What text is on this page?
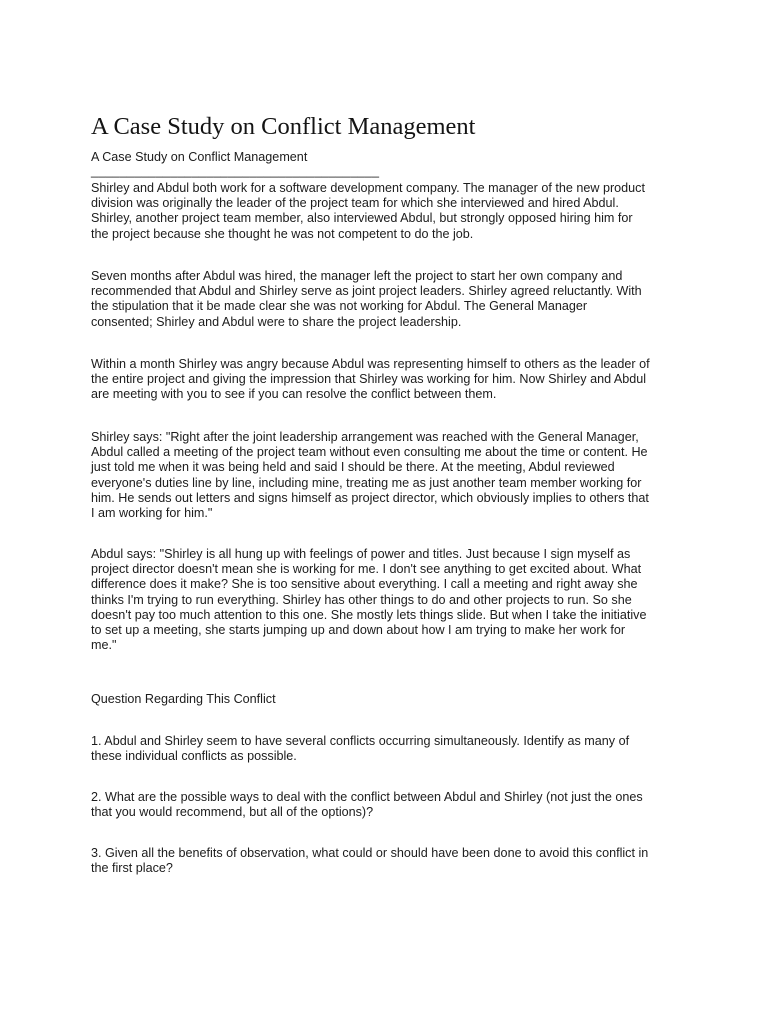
A Case Study on Conflict Management

A Case Study on Conflict Management

________________________________________

Shirley and Abdul both work for a software development company. The manager of the new product
division was originally the leader of the project team for which she interviewed and hired Abdul.
Shirley, another project team member, also interviewed Abdul, but strongly opposed hiring him for
the project because she thought he was not competent to do the job.

Seven months after Abdul was hired, the manager left the project to start her own company and
recommended that Abdul and Shirley serve as joint project leaders. Shirley agreed reluctantly. With
the stipulation that it be made clear she was not working for Abdul. The General Manager
consented; Shirley and Abdul were to share the project leadership.

Within a month Shirley was angry because Abdul was representing himself to others as the leader of
the entire project and giving the impression that Shirley was working for him. Now Shirley and Abdul
are meeting with you to see if you can resolve the conflict between them.

Shirley says: "Right after the joint leadership arrangement was reached with the General Manager,
Abdul called a meeting of the project team without even consulting me about the time or content. He
just told me when it was being held and said I should be there. At the meeting, Abdul reviewed
everyone's duties line by line, including mine, treating me as just another team member working for
him. He sends out letters and signs himself as project director, which obviously implies to others that
I am working for him."

Abdul says: "Shirley is all hung up with feelings of power and titles. Just because I sign myself as
project director doesn't mean she is working for me. I don't see anything to get excited about. What
difference does it make? She is too sensitive about everything. I call a meeting and right away she
thinks I'm trying to run everything. Shirley has other things to do and other projects to run. So she
doesn't pay too much attention to this one. She mostly lets things slide. But when I take the initiative
to set up a meeting, she starts jumping up and down about how I am trying to make her work for
me."

Question Regarding This Conflict

1. Abdul and Shirley seem to have several conflicts occurring simultaneously. Identify as many of
these individual conflicts as possible.

2. What are the possible ways to deal with the conflict between Abdul and Shirley (not just the ones
that you would recommend, but all of the options)?

3. Given all the benefits of observation, what could or should have been done to avoid this conflict in
the first place?
